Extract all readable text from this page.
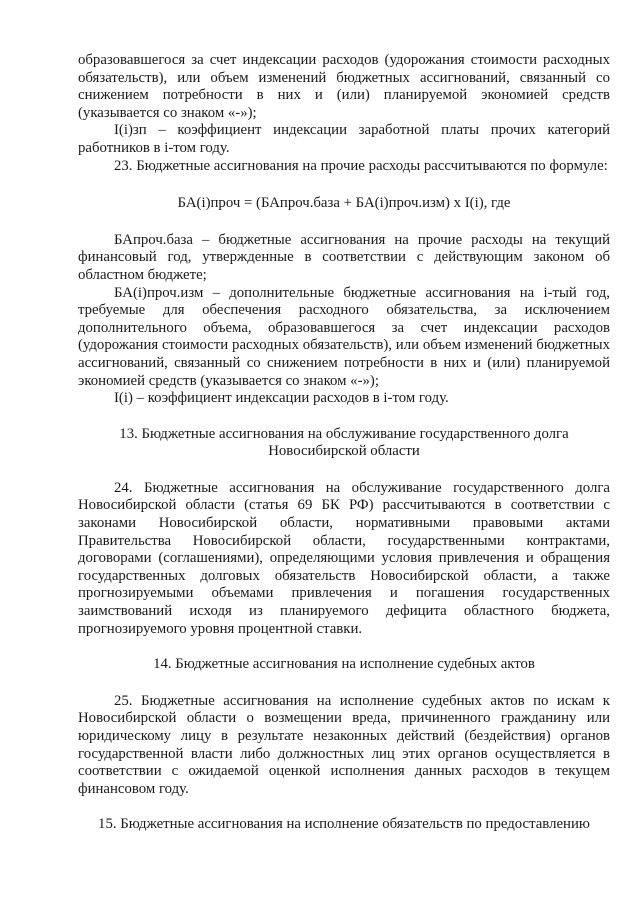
образовавшегося за счет индексации расходов (удорожания стоимости расходных обязательств), или объем изменений бюджетных ассигнований, связанный со снижением потребности в них и (или) планируемой экономией средств (указывается со знаком «-»);

I(i)зп – коэффициент индексации заработной платы прочих категорий работников в i-том году.

23. Бюджетные ассигнования на прочие расходы рассчитываются по формуле:

БА(i)проч = (БАпроч.база + БА(i)проч.изм) x I(i), где

БАпроч.база – бюджетные ассигнования на прочие расходы на текущий финансовый год, утвержденные в соответствии с действующим законом об областном бюджете;

БА(i)проч.изм – дополнительные бюджетные ассигнования на i-тый год, требуемые для обеспечения расходного обязательства, за исключением дополнительного объема, образовавшегося за счет индексации расходов (удорожания стоимости расходных обязательств), или объем изменений бюджетных ассигнований, связанный со снижением потребности в них и (или) планируемой экономией средств (указывается со знаком «-»);

I(i) – коэффициент индексации расходов в i-том году.

13. Бюджетные ассигнования на обслуживание государственного долга Новосибирской области

24. Бюджетные ассигнования на обслуживание государственного долга Новосибирской области (статья 69 БК РФ) рассчитываются в соответствии с законами Новосибирской области, нормативными правовыми актами Правительства Новосибирской области, государственными контрактами, договорами (соглашениями), определяющими условия привлечения и обращения государственных долговых обязательств Новосибирской области, а также прогнозируемыми объемами привлечения и погашения государственных заимствований исходя из планируемого дефицита областного бюджета, прогнозируемого уровня процентной ставки.

14. Бюджетные ассигнования на исполнение судебных актов

25. Бюджетные ассигнования на исполнение судебных актов по искам к Новосибирской области о возмещении вреда, причиненного гражданину или юридическому лицу в результате незаконных действий (бездействия) органов государственной власти либо должностных лиц этих органов осуществляется в соответствии с ожидаемой оценкой исполнения данных расходов в текущем финансовом году.

15. Бюджетные ассигнования на исполнение обязательств по предоставлению
